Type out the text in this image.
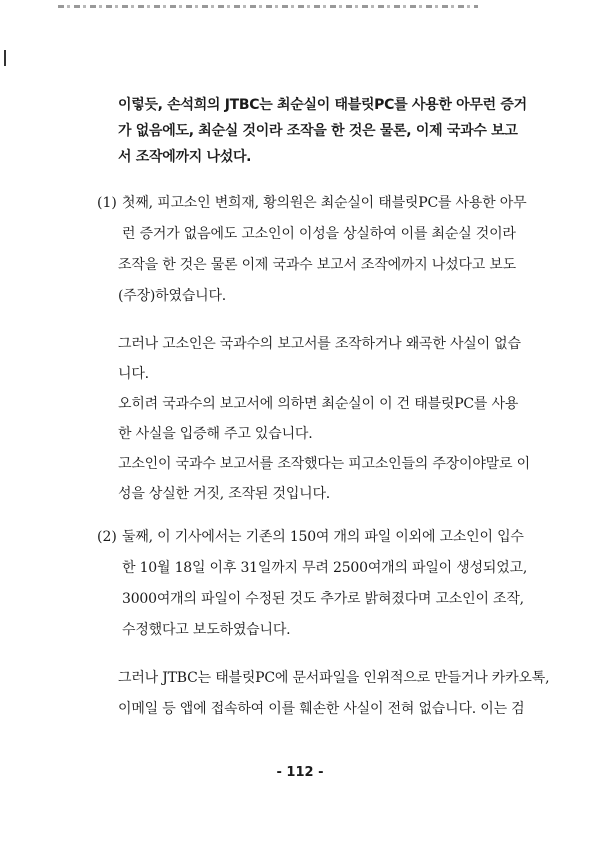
이렇듯, 손석희의 JTBC는 최순실이 태블릿PC를 사용한 아무런 증거
가 없음에도, 최순실 것이라 조작을 한 것은 물론, 이제 국과수 보고
서 조작에까지 나섰다.
(1) 첫째, 피고소인 변희재, 황의원은 최순실이 태블릿PC를 사용한 아무
런 증거가 없음에도 고소인이 이성을 상실하여 이를 최순실 것이라
조작을 한 것은 물론 이제 국과수 보고서 조작에까지 나섰다고 보도
(주장)하였습니다.
그러나 고소인은 국과수의 보고서를 조작하거나 왜곡한 사실이 없습
니다.
오히려 국과수의 보고서에 의하면 최순실이 이 건 태블릿PC를 사용
한 사실을 입증해 주고 있습니다.
고소인이 국과수 보고서를 조작했다는 피고소인들의 주장이야말로 이
성을 상실한 거짓, 조작된 것입니다.
(2) 둘째, 이 기사에서는 기존의 150여 개의 파일 이외에 고소인이 입수
한 10월 18일 이후 31일까지 무려 2500여개의 파일이 생성되었고,
3000여개의 파일이 수정된 것도 추가로 밝혀졌다며 고소인이 조작,
수정했다고 보도하였습니다.
그러나 JTBC는 태블릿PC에 문서파일을 인위적으로 만들거나 카카오톡,
이메일 등 앱에 접속하여 이를 훼손한 사실이 전혀 없습니다. 이는 검
- 112 -
